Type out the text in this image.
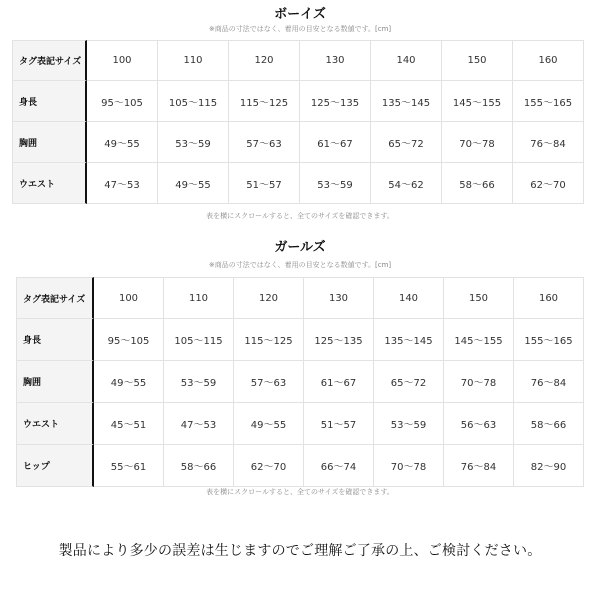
ボーイズ

※商品の寸法ではなく、着用の目安となる数値です。[cm]

タグ表記サイズ	100	110	120	130	140	150	160
身長	95〜105	105〜115	115〜125	125〜135	135〜145	145〜155	155〜165
胸囲	49〜55	53〜59	57〜63	61〜67	65〜72	70〜78	76〜84
ウエスト	47〜53	49〜55	51〜57	53〜59	54〜62	58〜66	62〜70

表を横にスクロールすると、全てのサイズを確認できます。

ガールズ

※商品の寸法ではなく、着用の目安となる数値です。[cm]

タグ表記サイズ	100	110	120	130	140	150	160
身長	95〜105	105〜115	115〜125	125〜135	135〜145	145〜155	155〜165
胸囲	49〜55	53〜59	57〜63	61〜67	65〜72	70〜78	76〜84
ウエスト	45〜51	47〜53	49〜55	51〜57	53〜59	56〜63	58〜66
ヒップ	55〜61	58〜66	62〜70	66〜74	70〜78	76〜84	82〜90

表を横にスクロールすると、全てのサイズを確認できます。

製品により多少の誤差は生じますのでご理解ご了承の上、ご検討ください。
